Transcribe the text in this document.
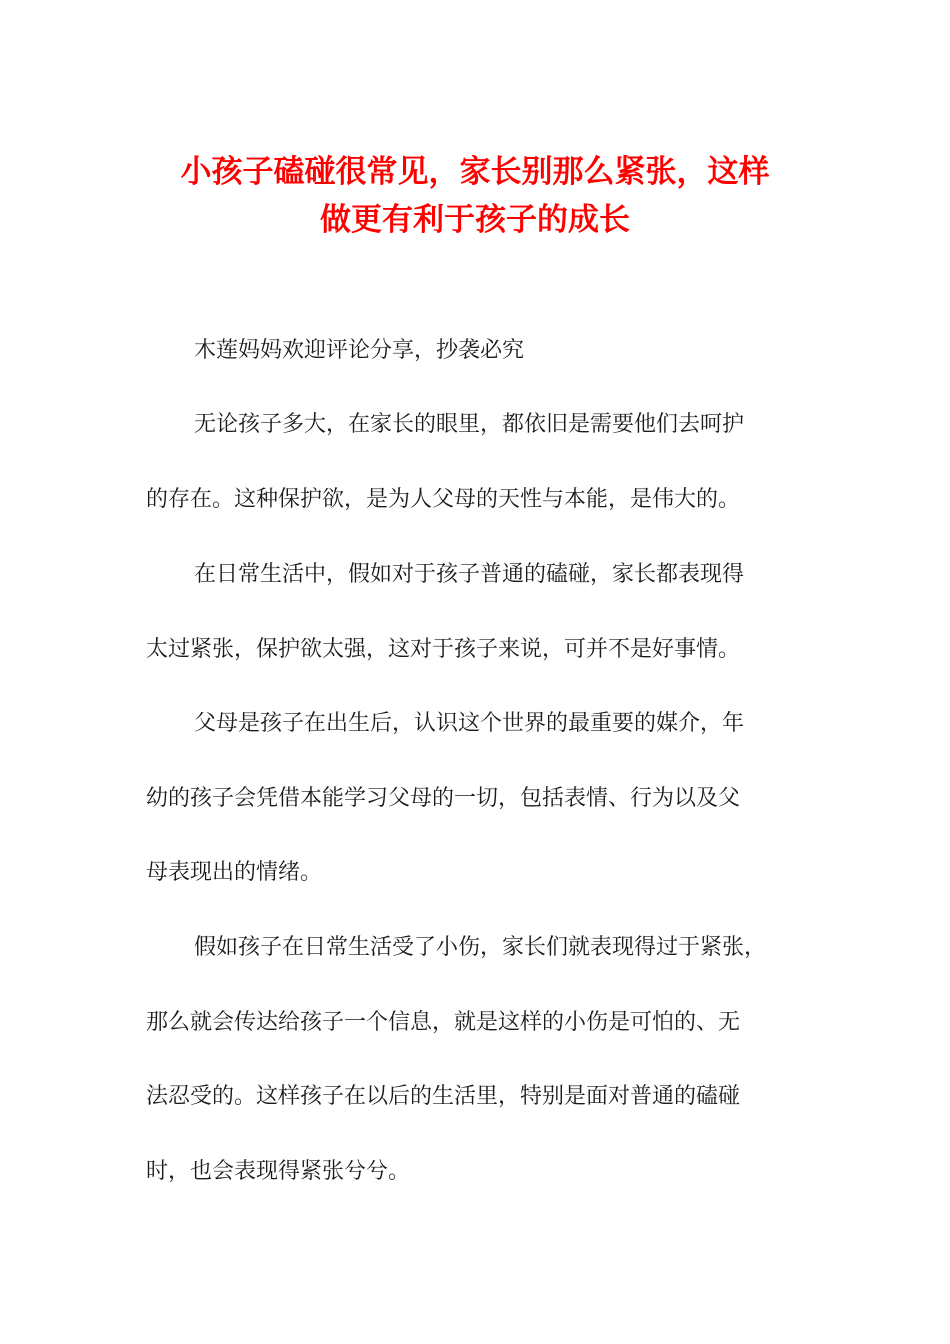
小孩子磕碰很常见，家长别那么紧张，这样
做更有利于孩子的成长
木莲妈妈欢迎评论分享，抄袭必究
无论孩子多大，在家长的眼里，都依旧是需要他们去呵护
的存在。这种保护欲，是为人父母的天性与本能，是伟大的。
在日常生活中，假如对于孩子普通的磕碰，家长都表现得
太过紧张，保护欲太强，这对于孩子来说，可并不是好事情。
父母是孩子在出生后，认识这个世界的最重要的媒介，年
幼的孩子会凭借本能学习父母的一切，包括表情、行为以及父
母表现出的情绪。
假如孩子在日常生活受了小伤，家长们就表现得过于紧张，
那么就会传达给孩子一个信息，就是这样的小伤是可怕的、无
法忍受的。这样孩子在以后的生活里，特别是面对普通的磕碰
时，也会表现得紧张兮兮。
